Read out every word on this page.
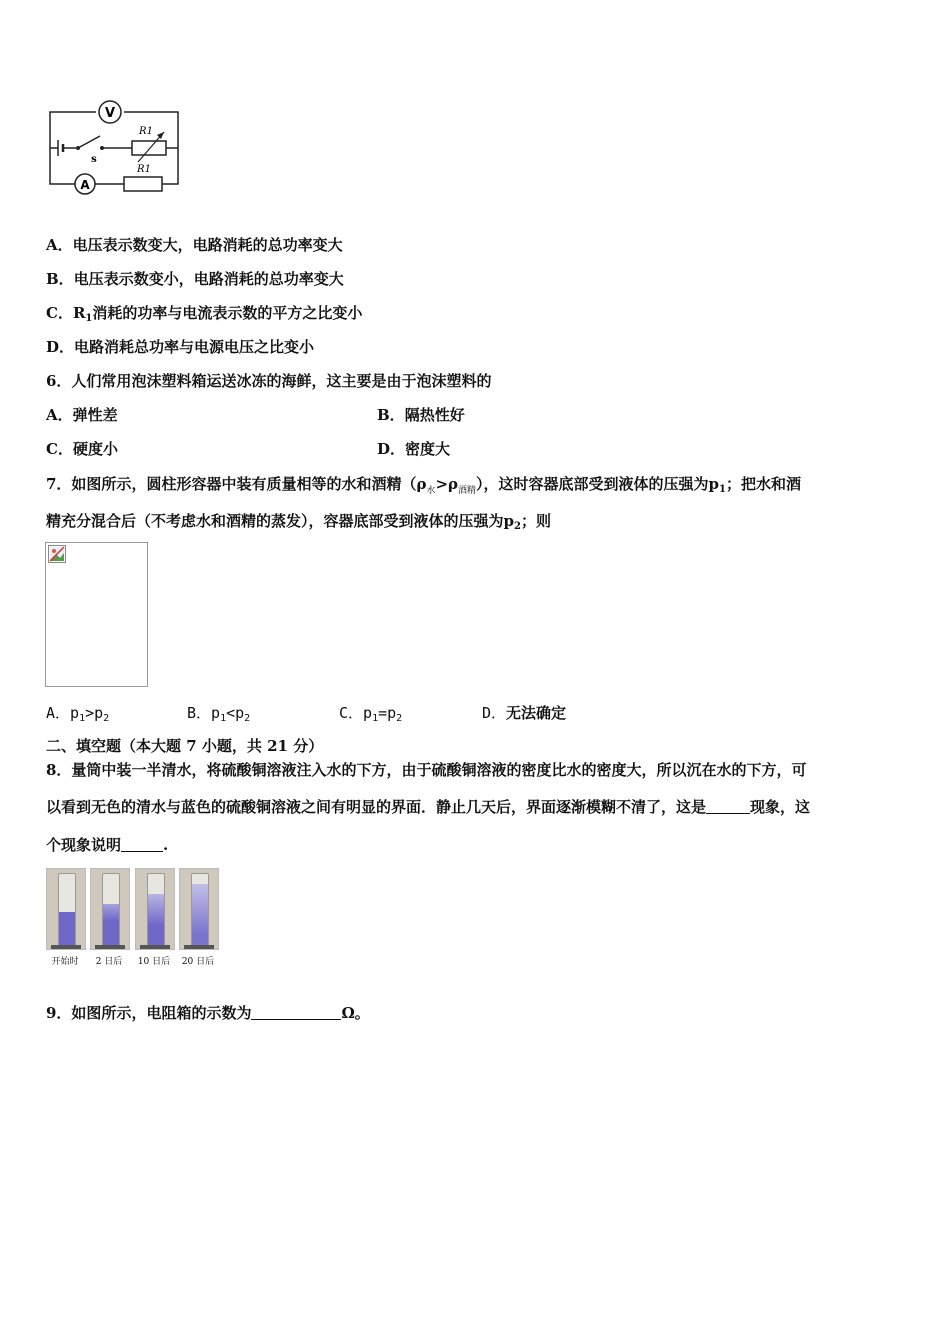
V
A
R1
s
R1
A．电压表示数变大，电路消耗的总功率变大
B．电压表示数变小，电路消耗的总功率变大
C．$R_1$消耗的功率与电流表示数的平方之比变小
D．电路消耗总功率与电源电压之比变小
6．人们常用泡沫塑料箱运送冰冻的海鲜，这主要是由于泡沫塑料的
A．弹性差	B．隔热性好
C．硬度小	D．密度大
7．如图所示，圆柱形容器中装有质量相等的水和酒精$(\rho_水>\rho_{酒精})$，这时容器底部受到液体的压强为$p_1$；把水和酒
精充分混合后（不考虑水和酒精的蒸发），容器底部受到液体的压强为$p_2$；则
A．$p_1>p_2$	B．$p_1<p_2$	C．$p_1=p_2$	D．无法确定
二、填空题（本大题 7 小题，共 21 分）
8．量筒中装一半清水，将硫酸铜溶液注入水的下方，由于硫酸铜溶液的密度比水的密度大，所以沉在水的下方，可
以看到无色的清水与蓝色的硫酸铜溶液之间有明显的界面．静止几天后，界面逐渐模糊不清了，这是	现象，这
个现象说明	.
开始时	2 日后	10 日后	20 日后
9．如图所示，电阻箱的示数为	Ω。
